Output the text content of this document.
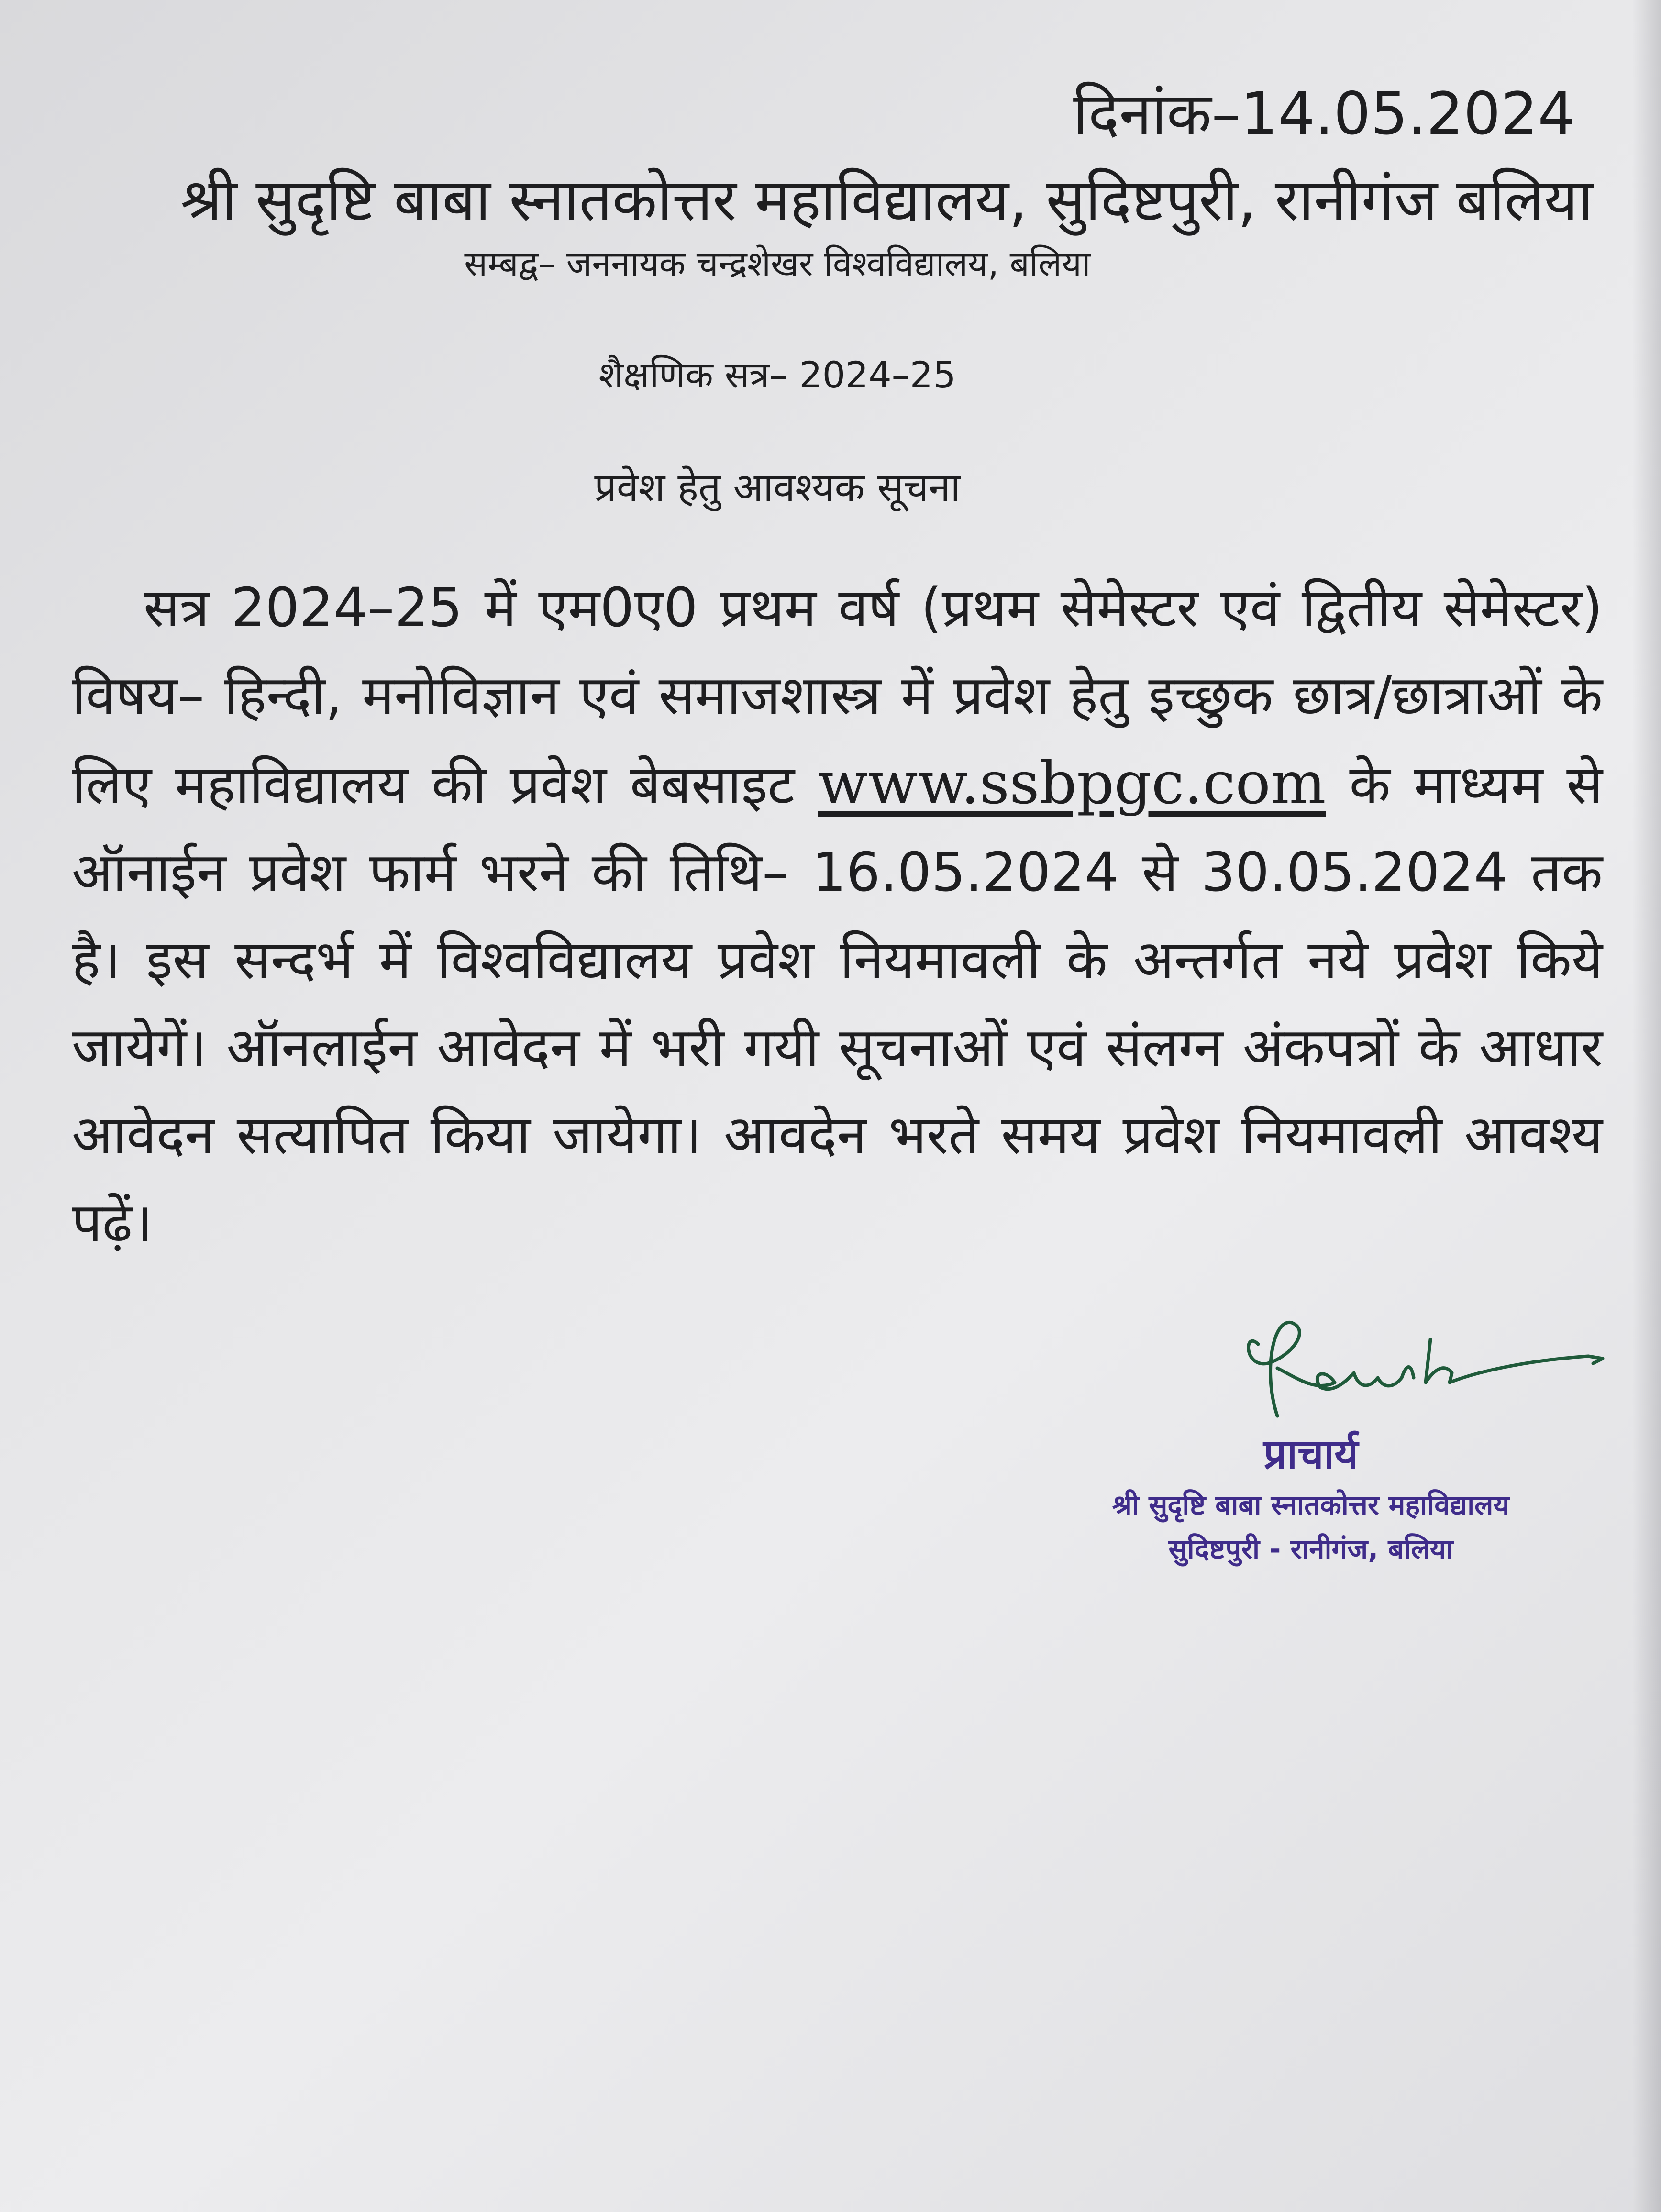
दिनांक–14.05.2024
श्री सुदृष्टि बाबा स्नातकोत्तर महाविद्यालय, सुदिष्टपुरी, रानीगंज बलिया
सम्बद्व– जननायक चन्द्रशेखर विश्वविद्यालय, बलिया
शैक्षणिक सत्र– 2024–25
प्रवेश हेतु आवश्यक सूचना
सत्र 2024–25 में एम0ए0 प्रथम वर्ष (प्रथम सेमेस्टर एवं द्वितीय सेमेस्टर) विषय– हिन्दी, मनोविज्ञान एवं समाजशास्त्र में प्रवेश हेतु इच्छुक छात्र/छात्राओं के लिए महाविद्यालय की प्रवेश बेबसाइट www.ssbpgc.com के माध्यम से ऑनाईन प्रवेश फार्म भरने की तिथि– 16.05.2024 से 30.05.2024 तक है। इस सन्दर्भ में विश्वविद्यालय प्रवेश नियमावली के अन्तर्गत नये प्रवेश किये जायेगें। ऑनलाईन आवेदन में भरी गयी सूचनाओं एवं संलग्न अंकपत्रों के आधार आवेदन सत्यापित किया जायेगा। आवदेन भरते समय प्रवेश नियमावली आवश्य पढ़ें।
प्राचार्य
श्री सुदृष्टि बाबा स्नातकोत्तर महाविद्यालय
सुदिष्टपुरी - रानीगंज, बलिया
